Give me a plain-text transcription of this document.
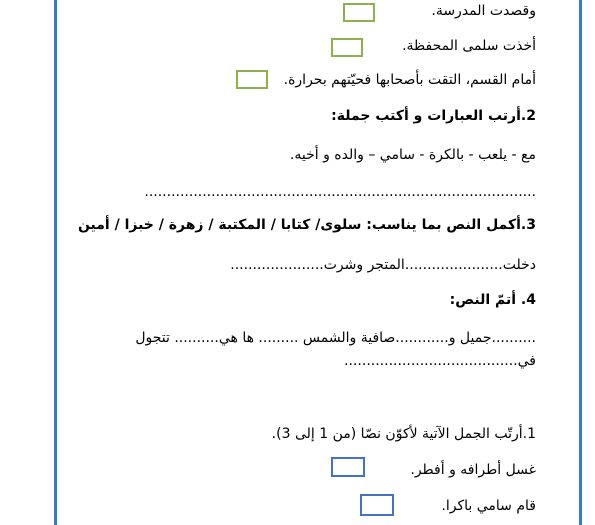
وقصدت المدرسة.
أخذت سلمى المحفظة.
أمام القسم، التقت بأصحابها فحيّتهم بحرارة.
2.أرتب العبارات و أكتب جملة:
مع - يلعب - بالكرة - سامي – والده و أخيه.
........................................................................................
3.أكمل النص بما يناسب: سلوى/ كتابا / المكتبة / زهرة / خبزا / أمين
دخلت......................المتجر وشرت.....................
4. أتمّ النص:
..........جميل و............صافية والشمس ......... ها هي.......... تتجول
في.......................................
1.أرتّب الجمل الآتية لأكوّن نصّا (من 1 إلى 3).
غسل أطرافه و أفطر.
قام سامي باكرا.
